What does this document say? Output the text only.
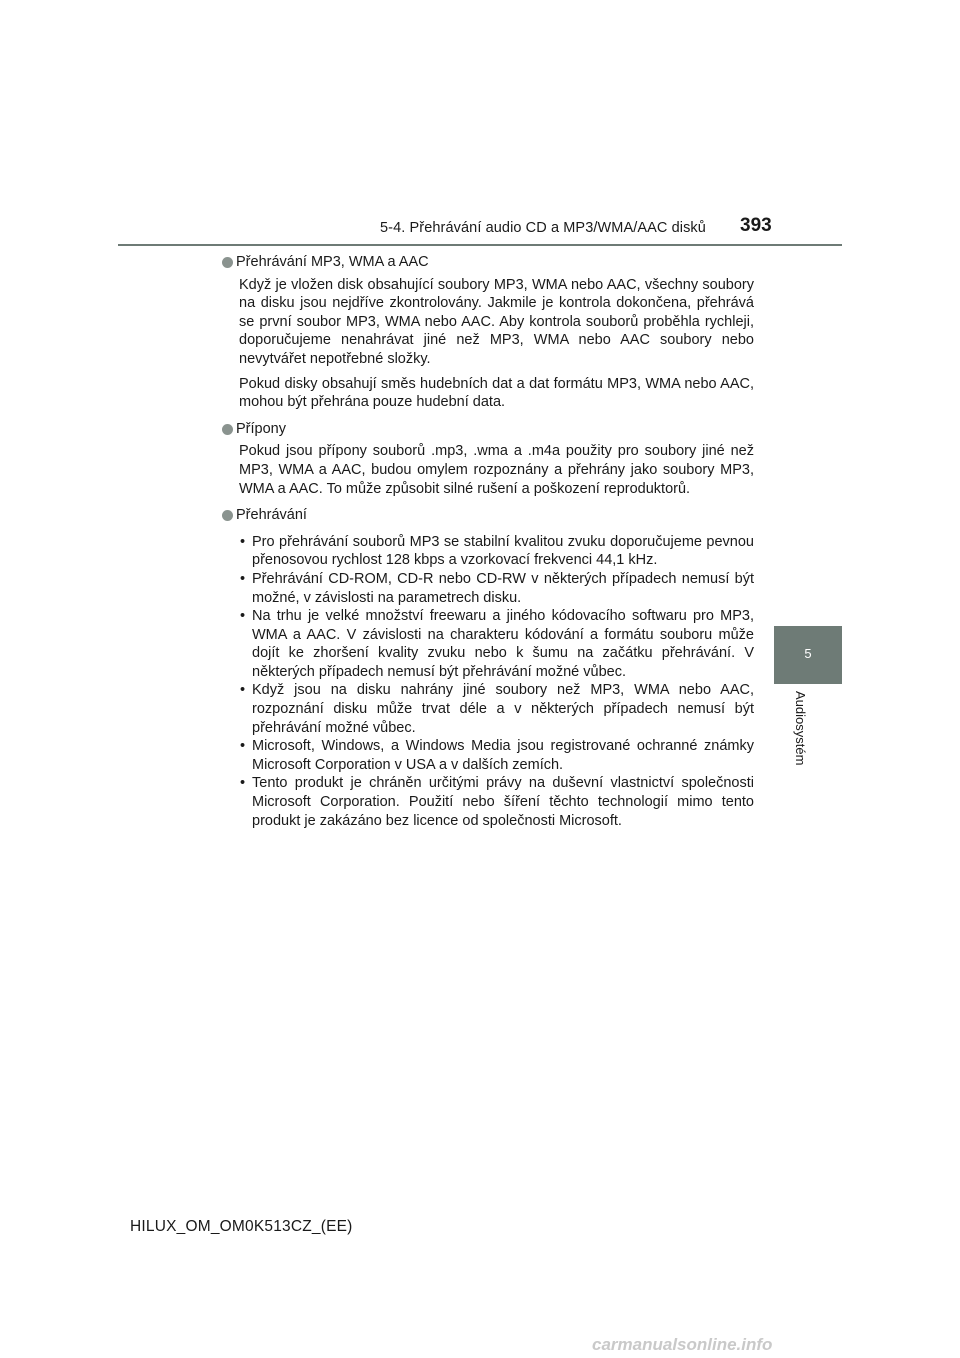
5-4. Přehrávání audio CD a MP3/WMA/AAC disků 393
5
Audiosystém

Přehrávání MP3, WMA a AAC

Když je vložen disk obsahující soubory MP3, WMA nebo AAC, všechny soubory na disku jsou nejdříve zkontrolovány. Jakmile je kontrola dokončena, přehrává se první soubor MP3, WMA nebo AAC. Aby kontrola souborů proběhla rychleji, doporučujeme nenahrávat jiné než MP3, WMA nebo AAC soubory nebo nevytvářet nepotřebné složky.

Pokud disky obsahují směs hudebních dat a dat formátu MP3, WMA nebo AAC, mohou být přehrána pouze hudební data.

Přípony

Pokud jsou přípony souborů .mp3, .wma a .m4a použity pro soubory jiné než MP3, WMA a AAC, budou omylem rozpoznány a přehrány jako soubory MP3, WMA a AAC. To může způsobit silné rušení a poškození reproduktorů.

Přehrávání

• Pro přehrávání souborů MP3 se stabilní kvalitou zvuku doporučujeme pevnou přenosovou rychlost 128 kbps a vzorkovací frekvenci 44,1 kHz.
• Přehrávání CD-ROM, CD-R nebo CD-RW v některých případech nemusí být možné, v závislosti na parametrech disku.
• Na trhu je velké množství freewaru a jiného kódovacího softwaru pro MP3, WMA a AAC. V závislosti na charakteru kódování a formátu souboru může dojít ke zhoršení kvality zvuku nebo k šumu na začátku přehrávání. V některých případech nemusí být přehrávání možné vůbec.
• Když jsou na disku nahrány jiné soubory než MP3, WMA nebo AAC, rozpoznání disku může trvat déle a v některých případech nemusí být přehrávání možné vůbec.
• Microsoft, Windows, a Windows Media jsou registrované ochranné známky Microsoft Corporation v USA a v dalších zemích.
• Tento produkt je chráněn určitými právy na duševní vlastnictví společnosti Microsoft Corporation. Použití nebo šíření těchto technologií mimo tento produkt je zakázáno bez licence od společnosti Microsoft.
HILUX_OM_OM0K513CZ_(EE)
carmanualsonline.info
